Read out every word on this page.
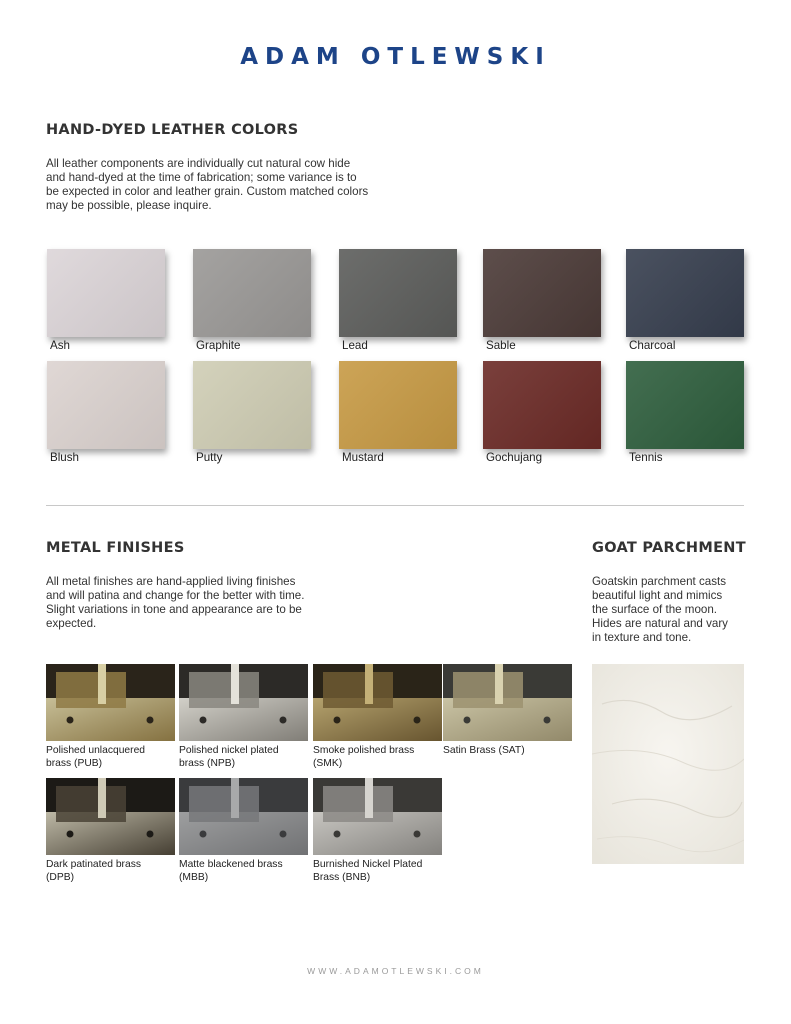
ADAM OTLEWSKI
HAND-DYED LEATHER COLORS
All leather components are individually cut natural cow hide
and hand-dyed at the time of fabrication; some variance is to
be expected in color and leather grain. Custom matched colors
may be possible, please inquire.
Ash	Graphite	Lead	Sable	Charcoal
Blush	Putty	Mustard	Gochujang	Tennis
METAL FINISHES
All metal finishes are hand-applied living finishes
and will patina and change for the better with time.
Slight variations in tone and appearance are to be
expected.
Polished unlacquered
brass (PUB)
Polished nickel plated
brass (NPB)
Smoke polished brass
(SMK)
Satin Brass (SAT)
Dark patinated brass
(DPB)
Matte blackened brass
(MBB)
Burnished Nickel Plated
Brass (BNB)
GOAT PARCHMENT
Goatskin parchment casts
beautiful light and mimics
the surface of the moon.
Hides are natural and vary
in texture and tone.
WWW.ADAMOTLEWSKI.COM
